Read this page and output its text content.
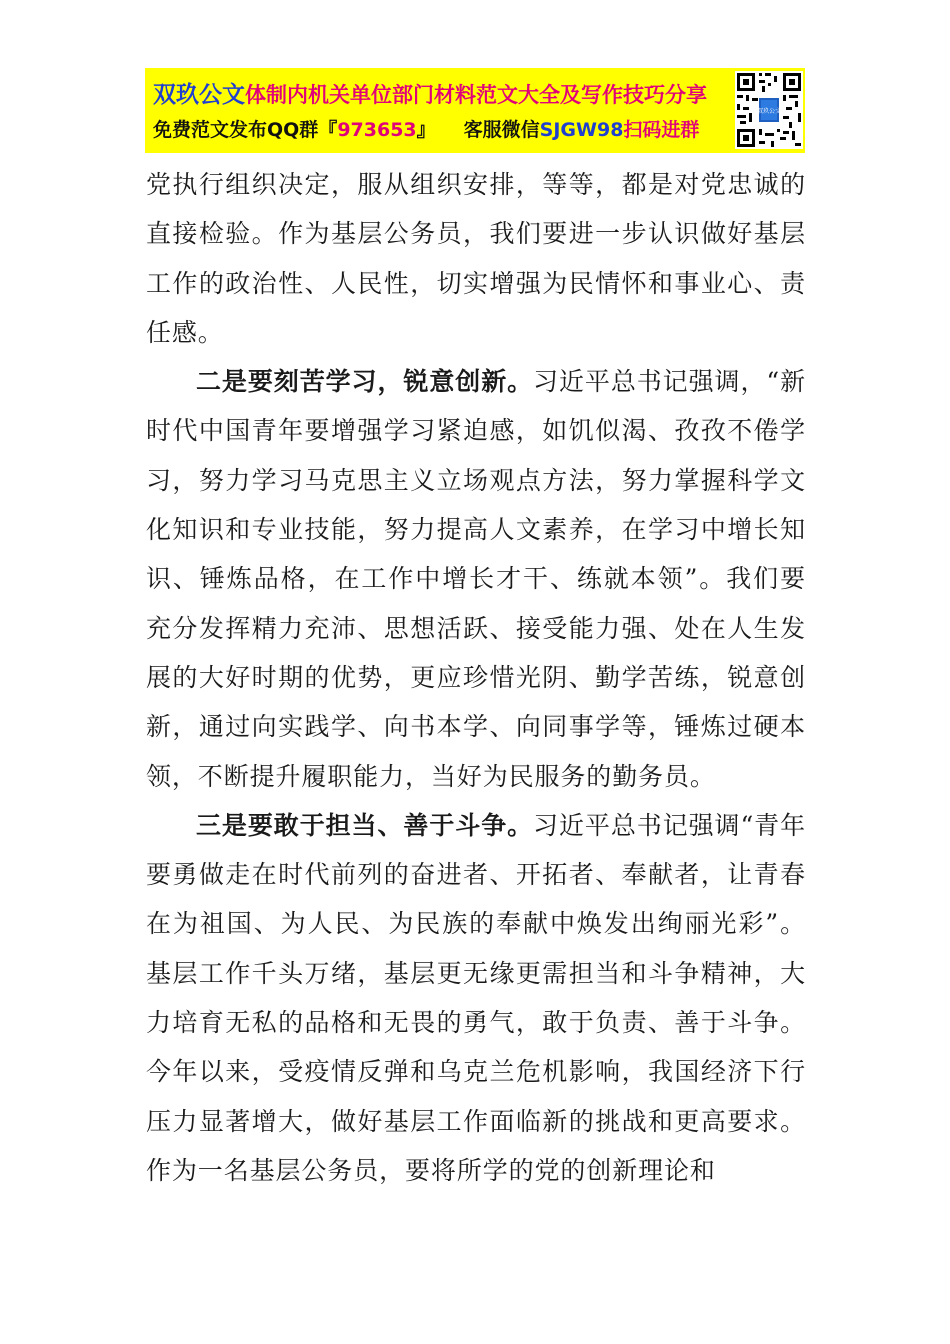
双玖公文体制内机关单位部门材料范文大全及写作技巧分享
免费范文发布QQ群『973653』 客服微信SJGW98扫码进群
双玖公文

党执行组织决定，服从组织安排，等等，都是对党忠诚的直接检验。作为基层公务员，我们要进一步认识做好基层工作的政治性、人民性，切实增强为民情怀和事业心、责任感。

二是要刻苦学习，锐意创新。习近平总书记强调，“新时代中国青年要增强学习紧迫感，如饥似渴、孜孜不倦学习，努力学习马克思主义立场观点方法，努力掌握科学文化知识和专业技能，努力提高人文素养，在学习中增长知识、锤炼品格，在工作中增长才干、练就本领”。我们要充分发挥精力充沛、思想活跃、接受能力强、处在人生发展的大好时期的优势，更应珍惜光阴、勤学苦练，锐意创新，通过向实践学、向书本学、向同事学等，锤炼过硬本领，不断提升履职能力，当好为民服务的勤务员。

三是要敢于担当、善于斗争。习近平总书记强调“青年要勇做走在时代前列的奋进者、开拓者、奉献者，让青春在为祖国、为人民、为民族的奉献中焕发出绚丽光彩”。基层工作千头万绪，基层更无缘更需担当和斗争精神，大力培育无私的品格和无畏的勇气，敢于负责、善于斗争。今年以来，受疫情反弹和乌克兰危机影响，我国经济下行压力显著增大，做好基层工作面临新的挑战和更高要求。作为一名基层公务员，要将所学的党的创新理论和
